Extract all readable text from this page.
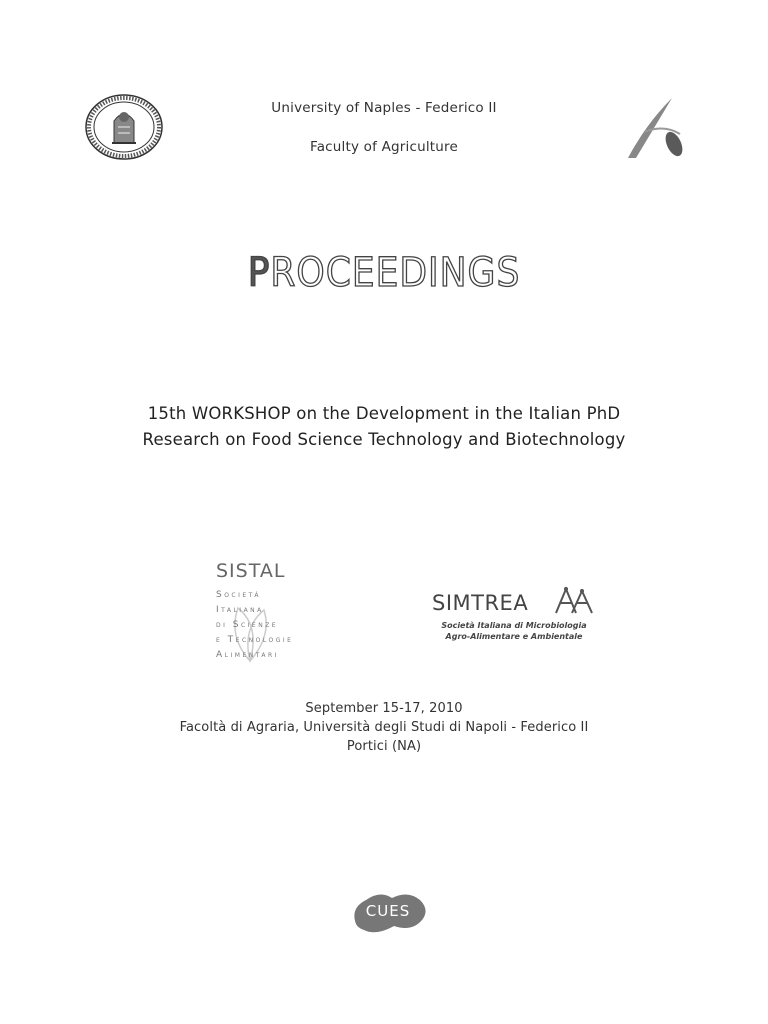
University of Naples - Federico II
Faculty of Agriculture
PROCEEDINGS
15th WORKSHOP on the Development in the Italian PhD
Research on Food Science Technology and Biotechnology
SISTAL
Società
Italiana
di Scienze
e Tecnologie
Alimentari
SIMTREA
Società Italiana di Microbiologia
Agro-Alimentare e Ambientale
September 15-17, 2010
Facoltà di Agraria, Università degli Studi di Napoli - Federico II
Portici (NA)
CUES
